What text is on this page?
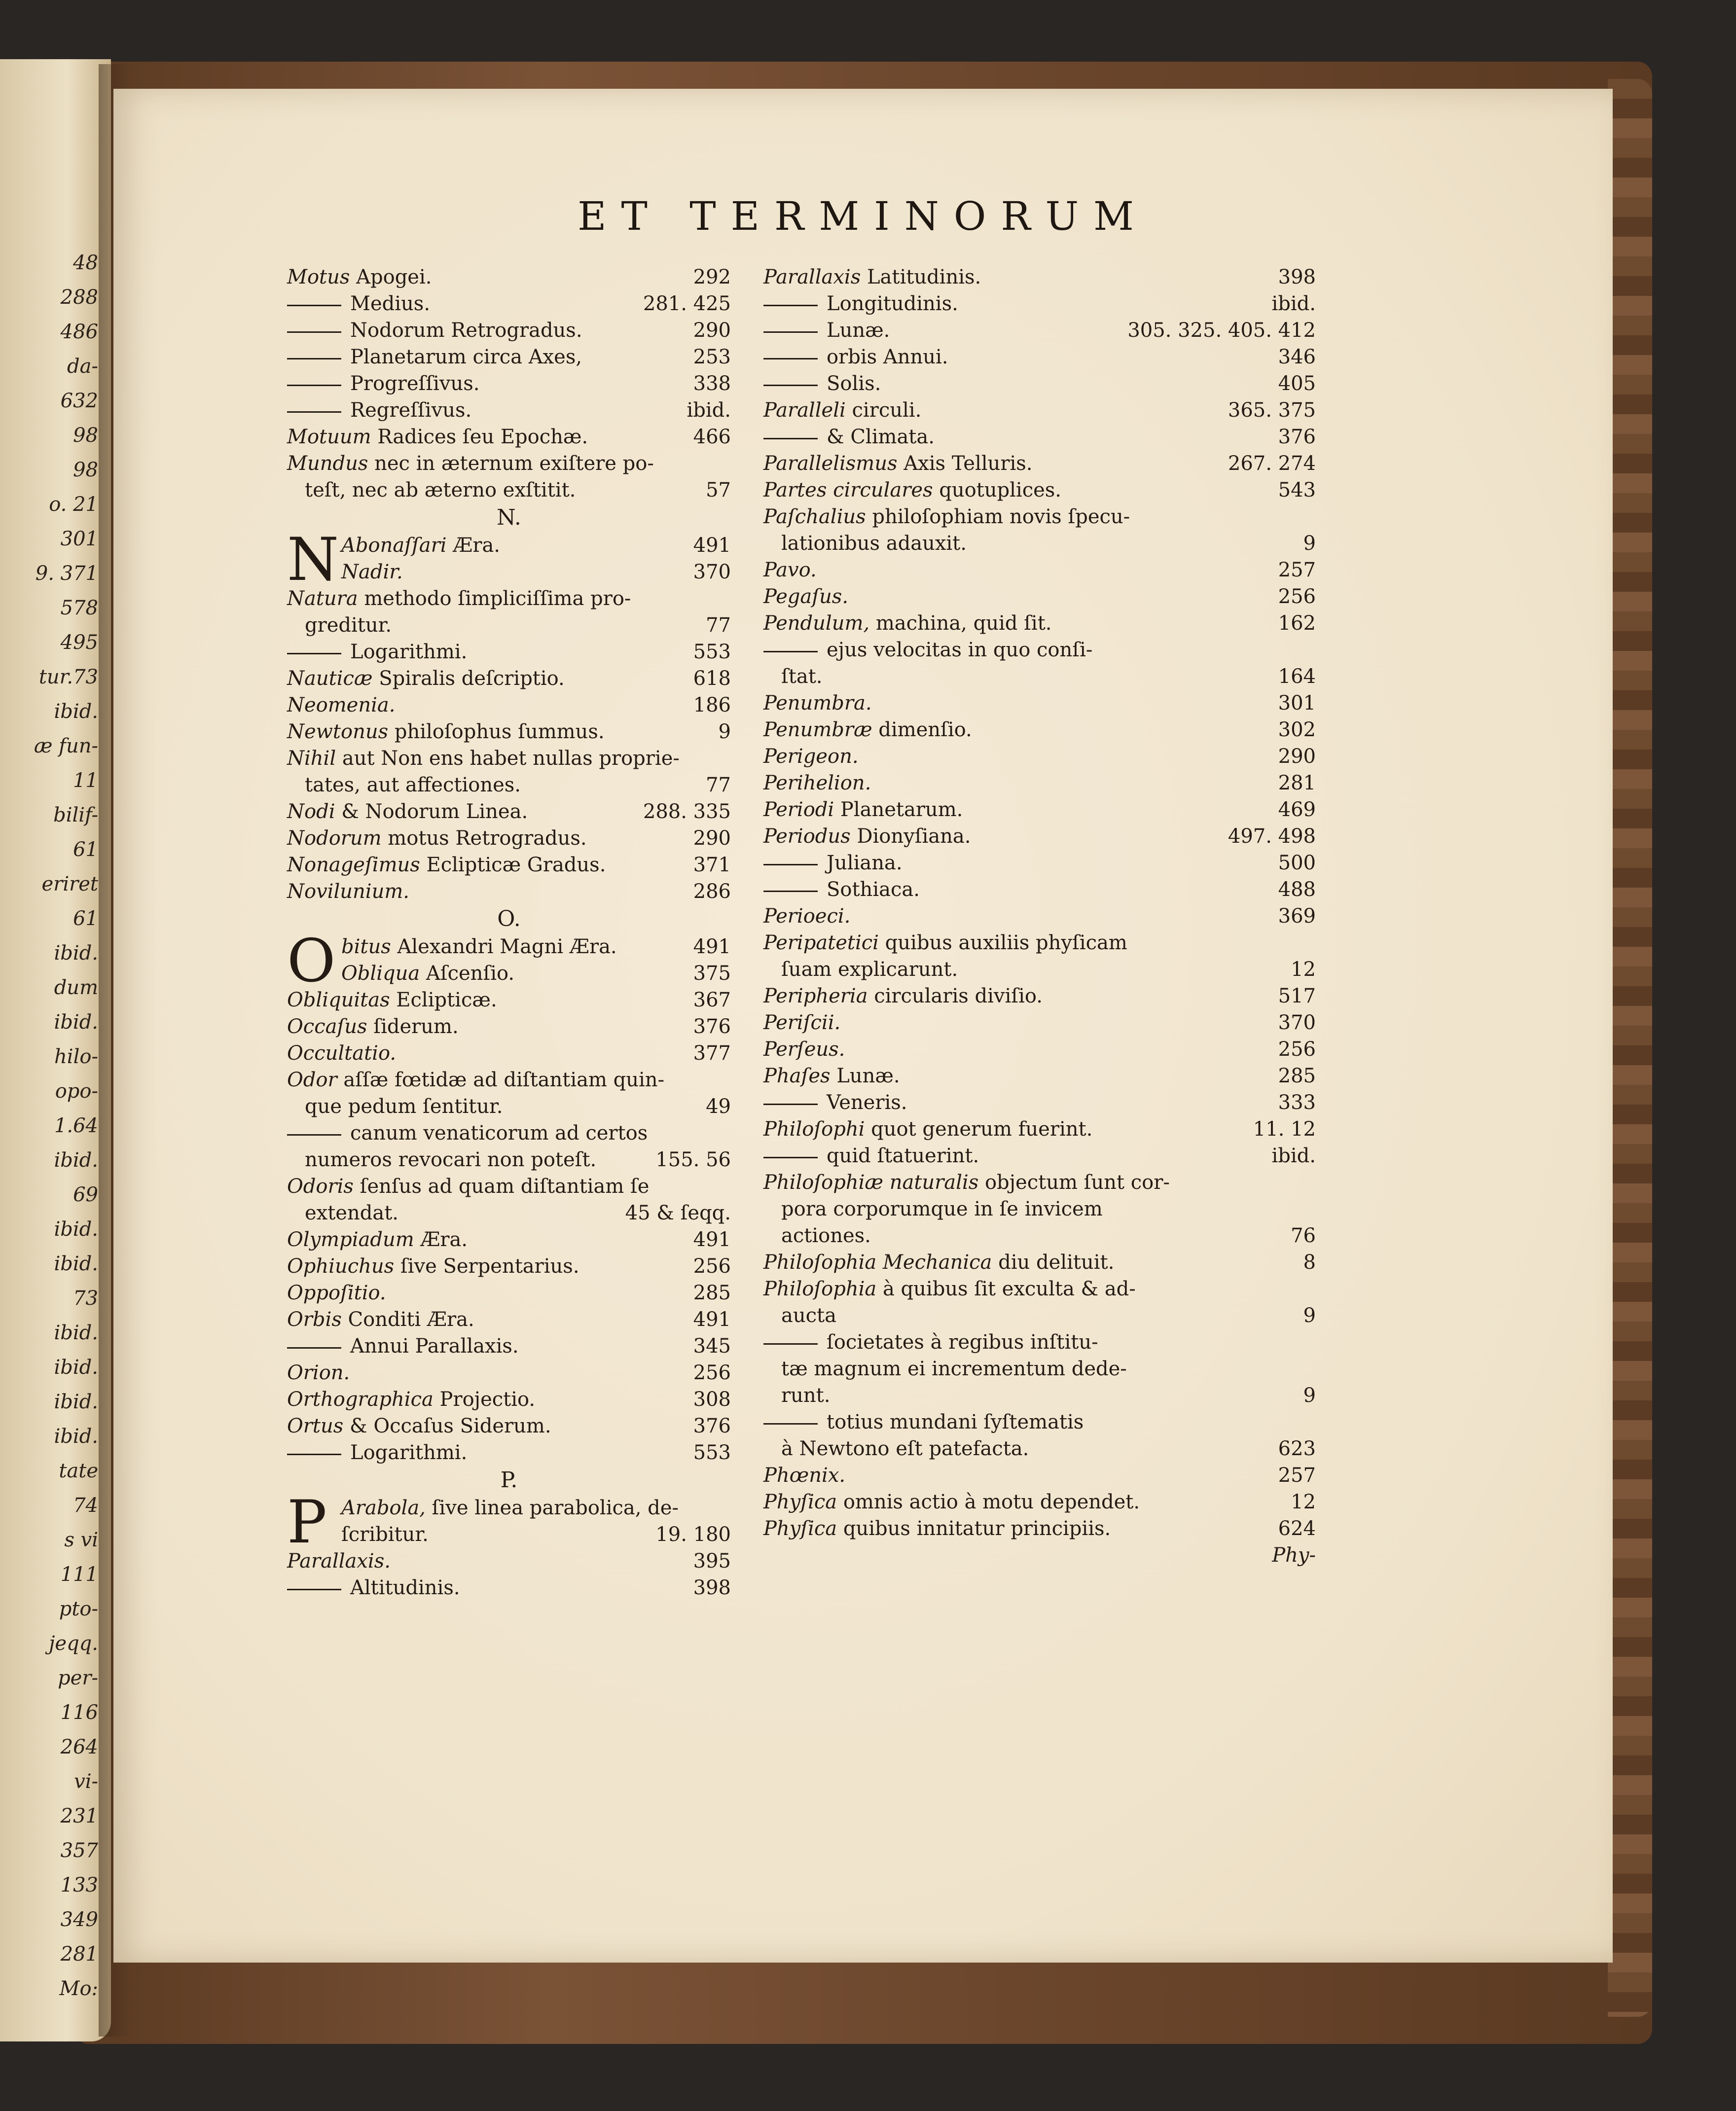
48
288
486
da-
632
98
98
o. 21
301
9. 371
578
495
tur.73
ibid.
æ fun-
11
bilif-
61
eriret
61
ibid.
dum
ibid.
hilo-
opo-
1.64
ibid.
69
ibid.
ibid.
73
ibid.
ibid.
ibid.
ibid.
tate
74
s vi
111
pto-
jeqq.
per-
116
264
vi-
231
357
133
349
281
Mo:
ET TERMINORUM
Motus Apogei.	292
Medius.	281. 425
Nodorum Retrogradus.	290
Planetarum circa Axes,	253
Progreſſivus.	338
Regreſſivus.	ibid.
Motuum Radices ſeu Epochæ.	466
Mundus nec in æternum exiſtere po-
teſt, nec ab æterno exſtitit.	57
N.
N Abonaſſari Æra.	491
Nadir.	370
Natura methodo ſimpliciſſima pro-
greditur.	77
Logarithmi.	553
Nauticæ Spiralis deſcriptio.	618
Neomenia.	186
Newtonus philoſophus ſummus.	9
Nihil aut Non ens habet nullas proprie-
tates, aut affectiones.	77
Nodi & Nodorum Linea.	288. 335
Nodorum motus Retrogradus.	290
Nonageſimus Eclipticæ Gradus.	371
Novilunium.	286
O.
O bitus Alexandri Magni Æra.	491
Obliqua Aſcenſio.	375
Obliquitas Eclipticæ.	367
Occaſus ſiderum.	376
Occultatio.	377
Odor aſſæ fœtidæ ad diſtantiam quin-
que pedum ſentitur.	49
canum venaticorum ad certos
numeros revocari non poteſt.	155. 56
Odoris ſenſus ad quam diſtantiam ſe
extendat.	45 & ſeqq.
Olympiadum Æra.	491
Ophiuchus ſive Serpentarius.	256
Oppoſitio.	285
Orbis Conditi Æra.	491
Annui Parallaxis.	345
Orion.	256
Orthographica Projectio.	308
Ortus & Occaſus Siderum.	376
Logarithmi.	553
P.
P Arabola, ſive linea parabolica, de-
ſcribitur.	19. 180
Parallaxis.	395
Altitudinis.	398
Parallaxis Latitudinis.	398
Longitudinis.	ibid.
Lunæ.	305. 325. 405. 412
orbis Annui.	346
Solis.	405
Paralleli circuli.	365. 375
& Climata.	376
Parallelismus Axis Telluris.	267. 274
Partes circulares quotuplices.	543
Paſchalius philoſophiam novis ſpecu-
lationibus adauxit.	9
Pavo.	257
Pegaſus.	256
Pendulum, machina, quid ſit.	162
ejus velocitas in quo conſi-
ſtat.	164
Penumbra.	301
Penumbræ dimenſio.	302
Perigeon.	290
Perihelion.	281
Periodi Planetarum.	469
Periodus Dionyſiana.	497. 498
Juliana.	500
Sothiaca.	488
Perioeci.	369
Peripatetici quibus auxiliis phyſicam
ſuam explicarunt.	12
Peripheria circularis diviſio.	517
Periſcii.	370
Perſeus.	256
Phaſes Lunæ.	285
Veneris.	333
Philoſophi quot generum fuerint.	11. 12
quid ſtatuerint.	ibid.
Philoſophiæ naturalis objectum ſunt cor-
pora corporumque in ſe invicem
actiones.	76
Philoſophia Mechanica diu delituit.	8
Philoſophia à quibus ſit exculta & ad-
aucta	9
ſocietates à regibus inſtitu-
tæ magnum ei incrementum dede-
runt.	9
totius mundani ſyſtematis
à Newtono eſt patefacta.	623
Phœnix.	257
Phyſica omnis actio à motu dependet.	12
Phyſica quibus innitatur principiis.	624
Phy-
